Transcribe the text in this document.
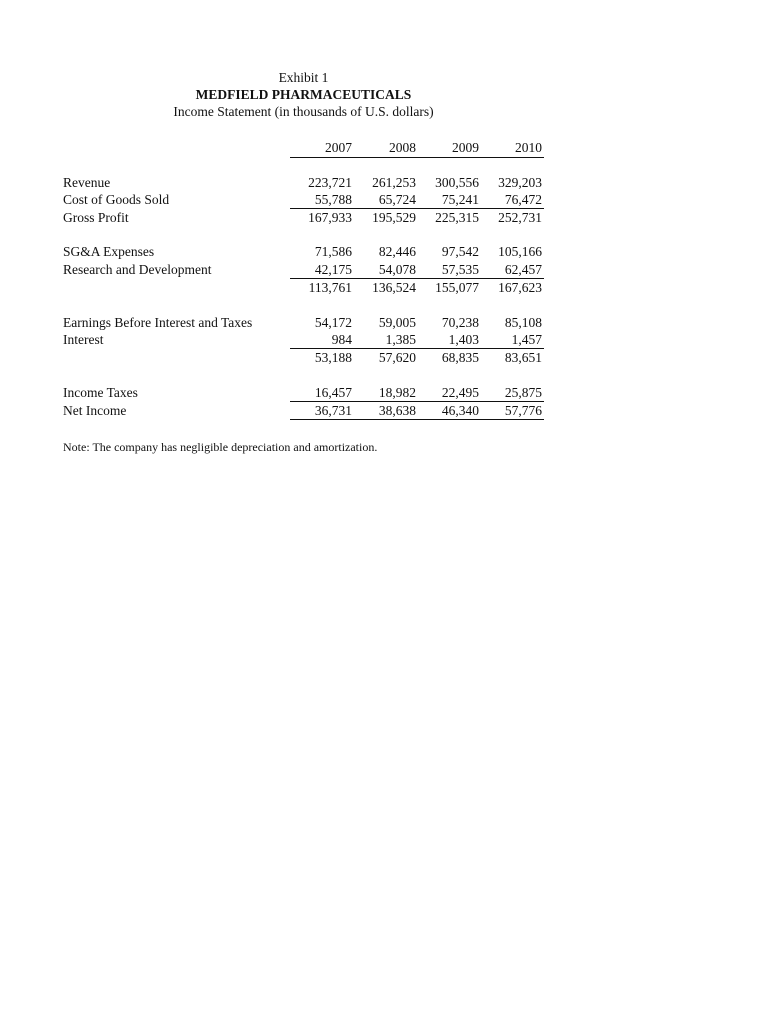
Exhibit 1
MEDFIELD PHARMACEUTICALS
Income Statement (in thousands of U.S. dollars)
2007	2008	2009	2010
Revenue	223,721	261,253	300,556	329,203
Cost of Goods Sold	55,788	65,724	75,241	76,472
Gross Profit	167,933	195,529	225,315	252,731
SG&A Expenses	71,586	82,446	97,542	105,166
Research and Development	42,175	54,078	57,535	62,457
113,761	136,524	155,077	167,623
Earnings Before Interest and Taxes	54,172	59,005	70,238	85,108
Interest	984	1,385	1,403	1,457
53,188	57,620	68,835	83,651
Income Taxes	16,457	18,982	22,495	25,875
Net Income	36,731	38,638	46,340	57,776
Note: The company has negligible depreciation and amortization.
